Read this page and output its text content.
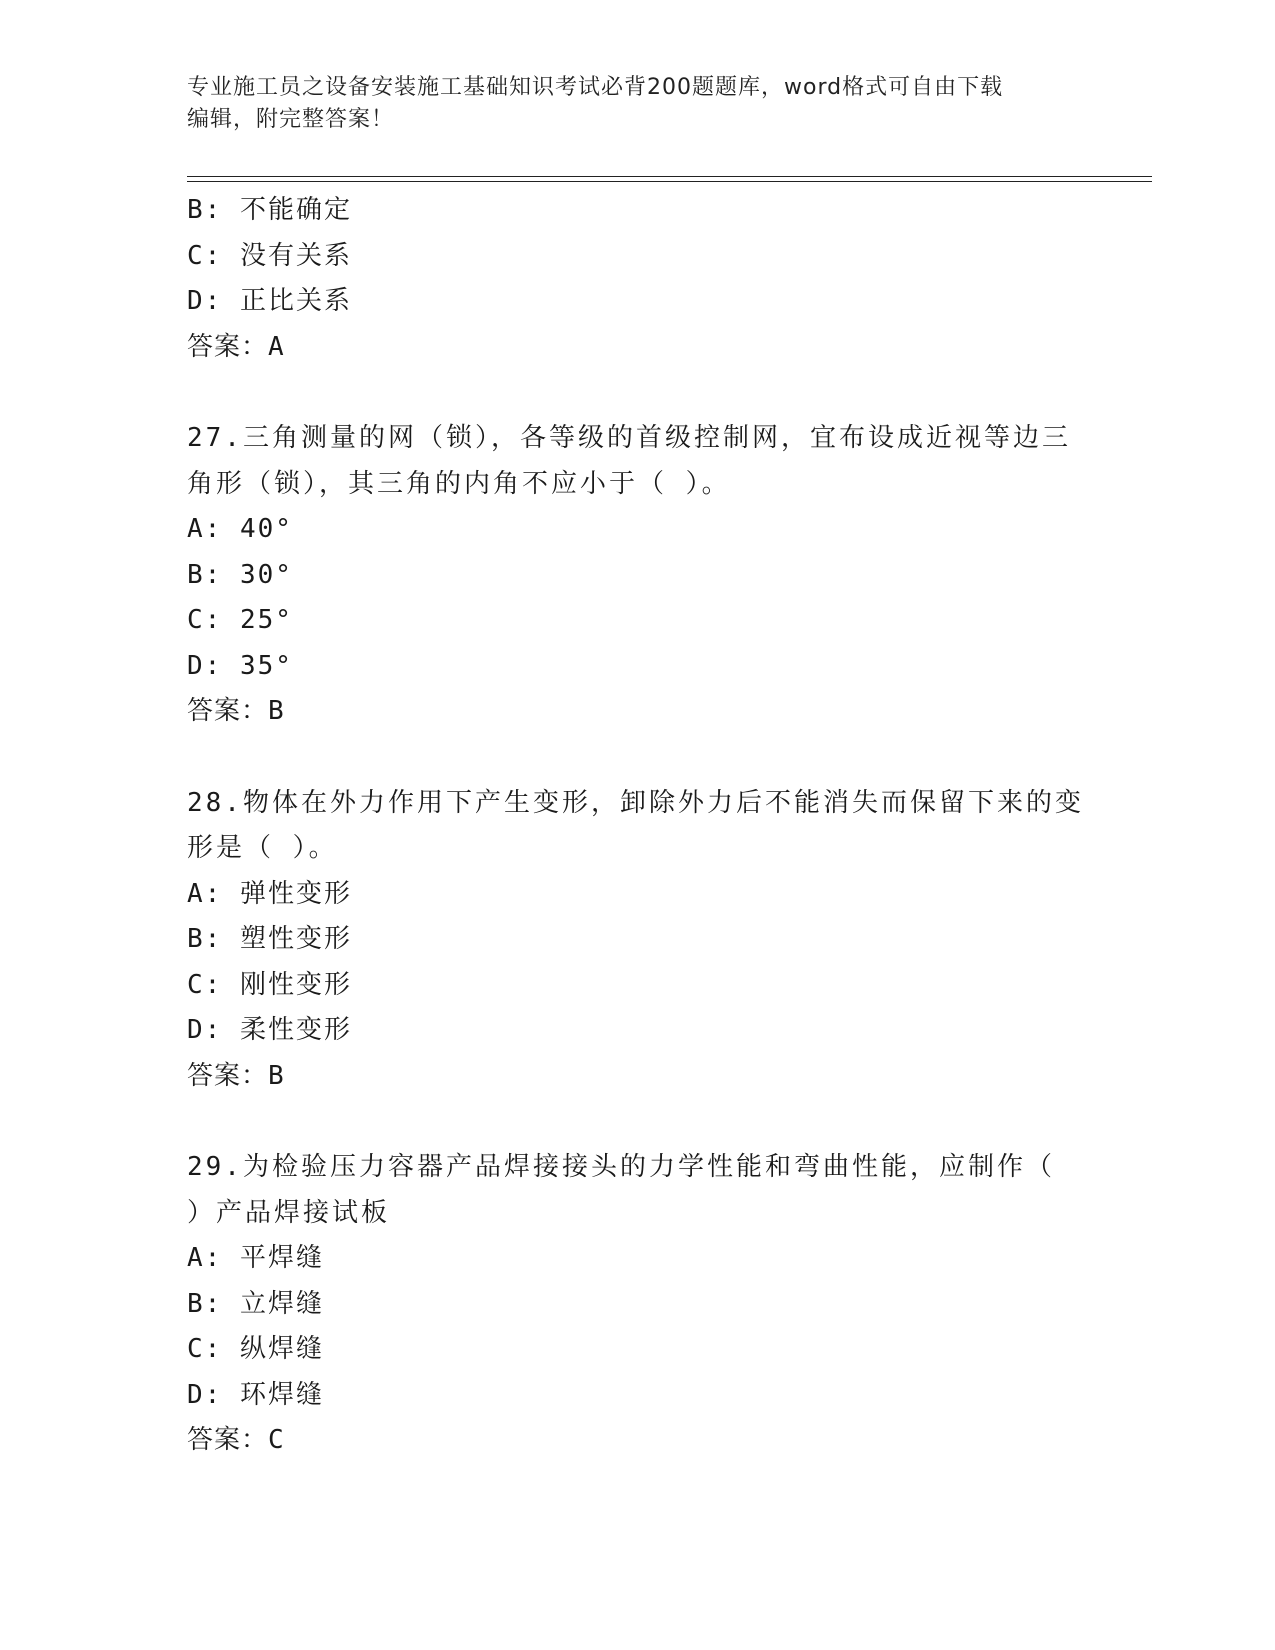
专业施工员之设备安装施工基础知识考试必背200题题库，word格式可自由下载
编辑，附完整答案！
B: 不能确定
C: 没有关系
D: 正比关系
答案：A
27.三角测量的网（锁），各等级的首级控制网，宜布设成近视等边三
角形（锁），其三角的内角不应小于（ ）。
A: 40°
B: 30°
C: 25°
D: 35°
答案：B
28.物体在外力作用下产生变形，卸除外力后不能消失而保留下来的变
形是（ ）。
A: 弹性变形
B: 塑性变形
C: 刚性变形
D: 柔性变形
答案：B
29.为检验压力容器产品焊接接头的力学性能和弯曲性能，应制作（
）产品焊接试板
A: 平焊缝
B: 立焊缝
C: 纵焊缝
D: 环焊缝
答案：C
